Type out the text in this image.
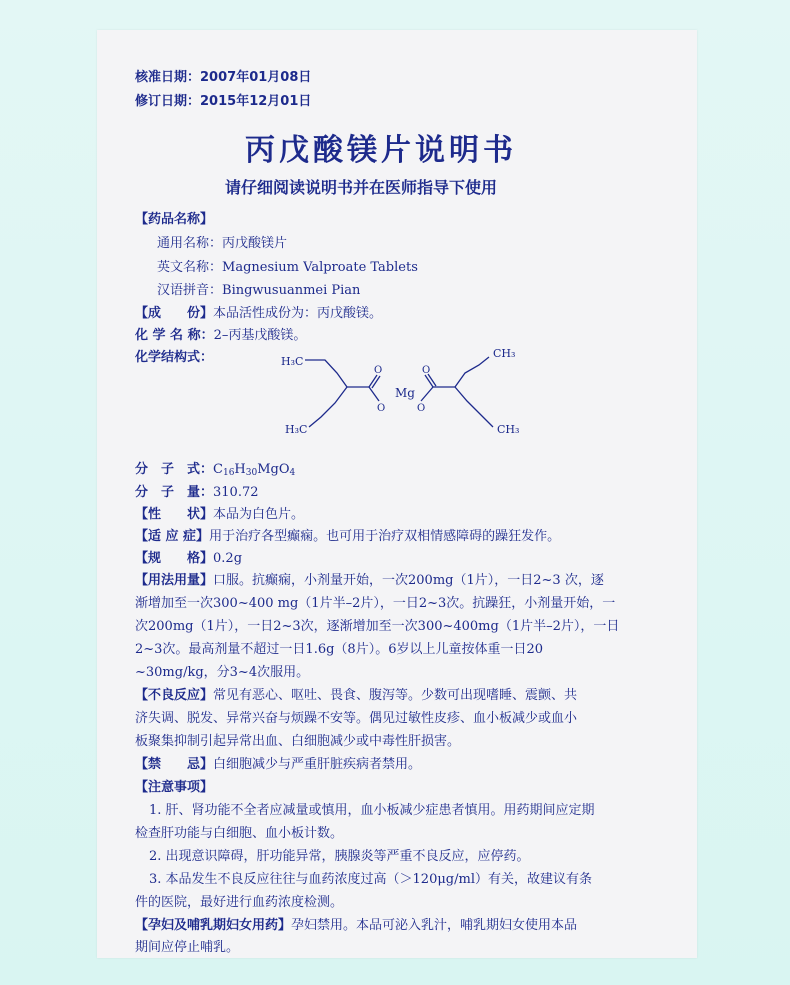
核准日期：2007年01月08日
修订日期：2015年12月01日
丙戊酸镁片说明书
请仔细阅读说明书并在医师指导下使用
【药品名称】
通用名称：丙戊酸镁片
英文名称：Magnesium Valproate Tablets
汉语拼音：Bingwusuanmei Pian
【成　　份】本品活性成份为：丙戊酸镁。
化 学 名 称：2–丙基戊酸镁。
化学结构式：	H₃C
H₃C
CH₃
CH₃
Mg
O
O	O
O
分　子　式：$C_{16}H_{30}MgO_4$
分　子　量：310.72
【性　　状】本品为白色片。
【适 应 症】用于治疗各型癫痫。也可用于治疗双相情感障碍的躁狂发作。
【规　　格】0.2g
【用法用量】口服。抗癫痫，小剂量开始，一次200mg（1片），一日2~3 次，逐
渐增加至一次300~400 mg（1片半–2片），一日2~3次。抗躁狂，小剂量开始，一
次200mg（1片），一日2~3次，逐渐增加至一次300~400mg（1片半–2片），一日
2~3次。最高剂量不超过一日1.6g（8片）。6岁以上儿童按体重一日20
~30mg/kg，分3~4次服用。
【不良反应】常见有恶心、呕吐、畏食、腹泻等。少数可出现嗜睡、震颤、共
济失调、脱发、异常兴奋与烦躁不安等。偶见过敏性皮疹、血小板减少或血小
板聚集抑制引起异常出血、白细胞减少或中毒性肝损害。
【禁　　忌】白细胞减少与严重肝脏疾病者禁用。
【注意事项】
1. 肝、肾功能不全者应减量或慎用，血小板减少症患者慎用。用药期间应定期
检查肝功能与白细胞、血小板计数。
2. 出现意识障碍，肝功能异常，胰腺炎等严重不良反应，应停药。
3. 本品发生不良反应往往与血药浓度过高（＞120μg/ml）有关，故建议有条
件的医院，最好进行血药浓度检测。
【孕妇及哺乳期妇女用药】孕妇禁用。本品可泌入乳汁，哺乳期妇女使用本品
期间应停止哺乳。
